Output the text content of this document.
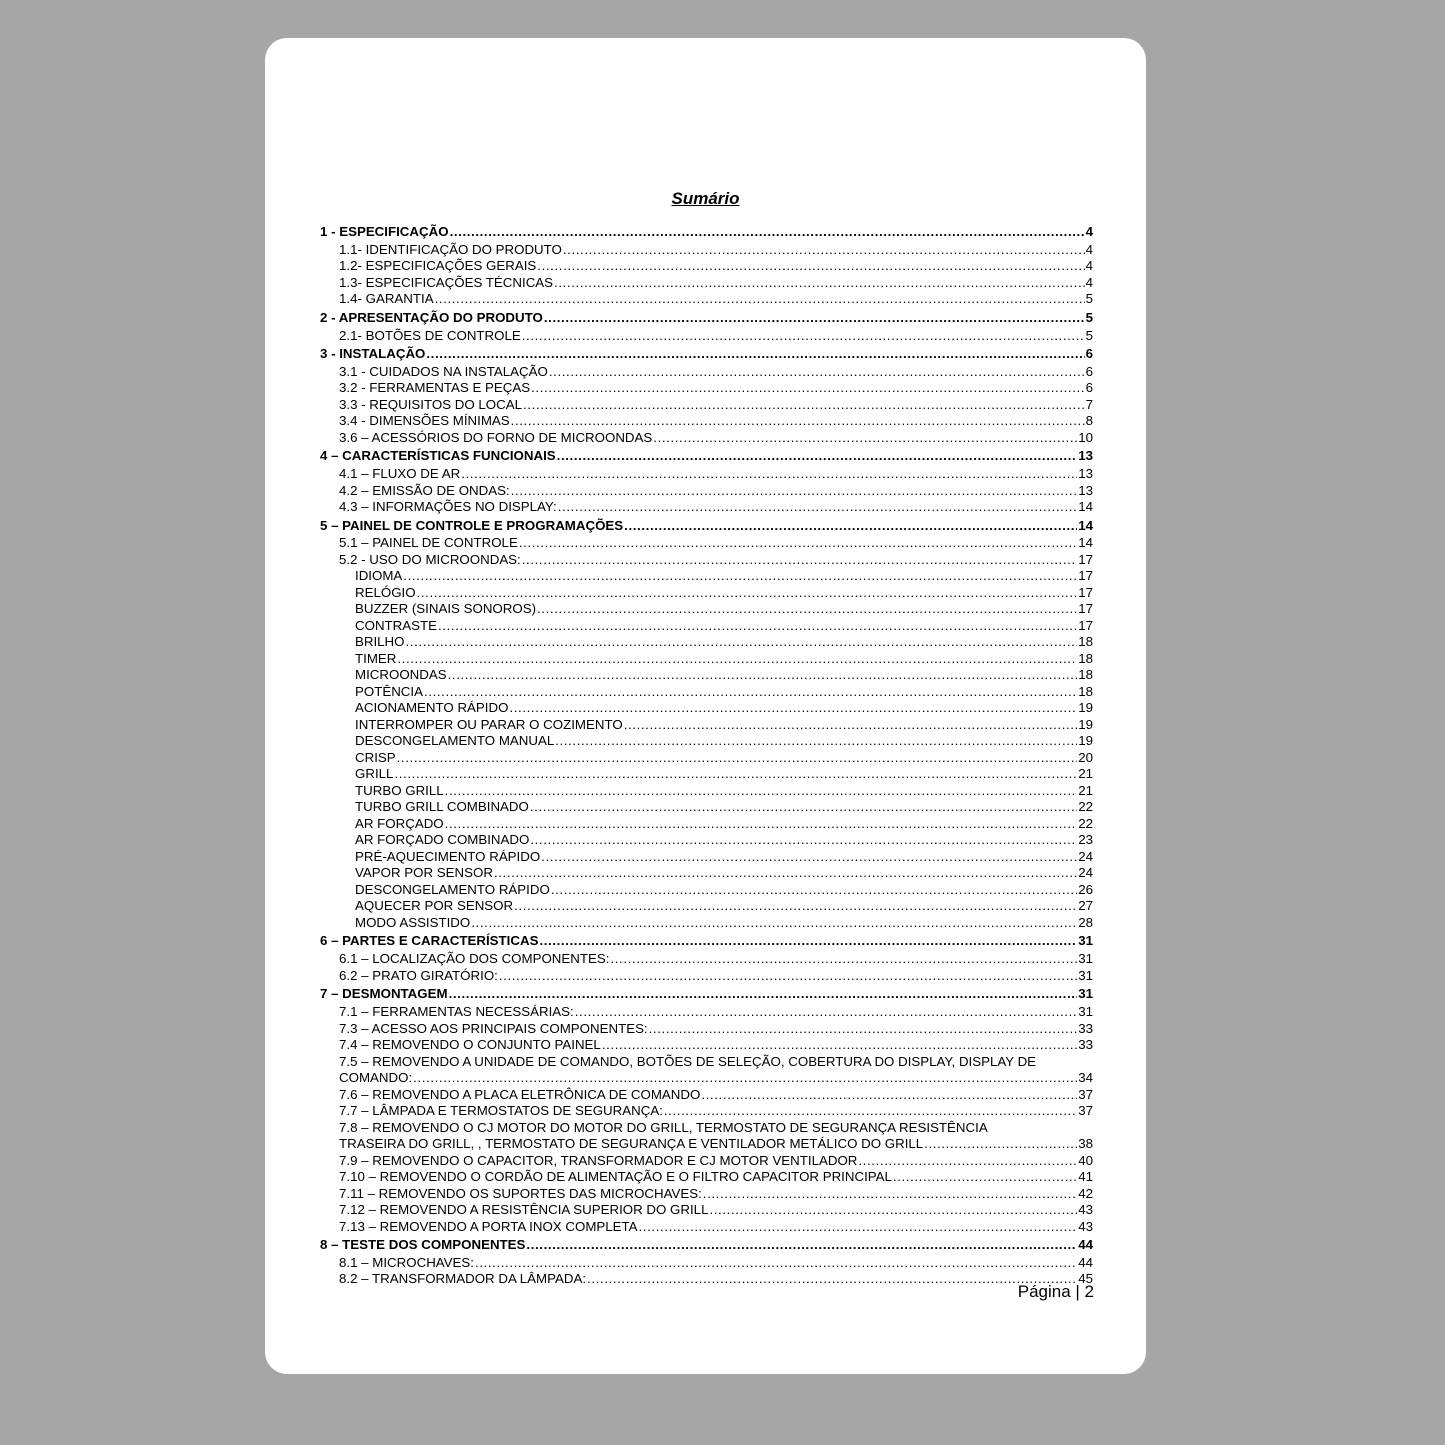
Sumário
1 - ESPECIFICAÇÃO .....	4
1.1- IDENTIFICAÇÃO DO PRODUTO .....	4
1.2- ESPECIFICAÇÕES GERAIS .....	4
1.3- ESPECIFICAÇÕES TÉCNICAS .....	4
1.4- GARANTIA .....	5
2 - APRESENTAÇÃO DO PRODUTO .....	5
2.1- BOTÕES DE CONTROLE .....	5
3 - INSTALAÇÃO .....	6
3.1 - CUIDADOS NA INSTALAÇÃO .....	6
3.2 - FERRAMENTAS E PEÇAS .....	6
3.3 - REQUISITOS DO LOCAL .....	7
3.4 - DIMENSÕES MÍNIMAS .....	8
3.6 – ACESSÓRIOS DO FORNO DE MICROONDAS .....	10
4 – CARACTERÍSTICAS FUNCIONAIS .....	13
4.1 – FLUXO DE AR .....	13
4.2 – EMISSÃO DE ONDAS: .....	13
4.3 – INFORMAÇÕES NO DISPLAY: .....	14
5 – PAINEL DE CONTROLE E PROGRAMAÇÕES .....	14
5.1 – PAINEL DE CONTROLE .....	14
5.2 - USO DO MICROONDAS: .....	17
IDIOMA .....	17
RELÓGIO .....	17
BUZZER (SINAIS SONOROS) .....	17
CONTRASTE .....	17
BRILHO .....	18
TIMER .....	18
MICROONDAS .....	18
POTÊNCIA .....	18
ACIONAMENTO RÁPIDO .....	19
INTERROMPER OU PARAR O COZIMENTO .....	19
DESCONGELAMENTO MANUAL .....	19
CRISP .....	20
GRILL .....	21
TURBO GRILL .....	21
TURBO GRILL COMBINADO .....	22
AR FORÇADO .....	22
AR FORÇADO COMBINADO .....	23
PRÉ-AQUECIMENTO RÁPIDO .....	24
VAPOR POR SENSOR .....	24
DESCONGELAMENTO RÁPIDO .....	26
AQUECER POR SENSOR .....	27
MODO ASSISTIDO .....	28
6 – PARTES E CARACTERÍSTICAS .....	31
6.1 – LOCALIZAÇÃO DOS COMPONENTES: .....	31
6.2 – PRATO GIRATÓRIO: .....	31
7 – DESMONTAGEM .....	31
7.1 – FERRAMENTAS NECESSÁRIAS: .....	31
7.3 – ACESSO AOS PRINCIPAIS COMPONENTES: .....	33
7.4 – REMOVENDO O CONJUNTO PAINEL .....	33
7.5 – REMOVENDO A UNIDADE DE COMANDO, BOTÕES DE SELEÇÃO, COBERTURA DO DISPLAY, DISPLAY DE
COMANDO: .....	34
7.6 – REMOVENDO A PLACA ELETRÔNICA DE COMANDO .....	37
7.7 – LÂMPADA E TERMOSTATOS DE SEGURANÇA: .....	37
7.8 – REMOVENDO O CJ MOTOR DO MOTOR DO GRILL, TERMOSTATO DE SEGURANÇA RESISTÊNCIA
TRASEIRA DO GRILL, , TERMOSTATO DE SEGURANÇA E VENTILADOR METÁLICO DO GRILL .....	38
7.9 – REMOVENDO O CAPACITOR, TRANSFORMADOR E CJ MOTOR VENTILADOR .....	40
7.10 – REMOVENDO O CORDÃO DE ALIMENTAÇÃO E O FILTRO CAPACITOR PRINCIPAL .....	41
7.11 – REMOVENDO OS SUPORTES DAS MICROCHAVES: .....	42
7.12 – REMOVENDO A RESISTÊNCIA SUPERIOR DO GRILL .....	43
7.13 – REMOVENDO A PORTA INOX COMPLETA .....	43
8 – TESTE DOS COMPONENTES .....	44
8.1 – MICROCHAVES: .....	44
8.2 – TRANSFORMADOR DA LÂMPADA: .....	45
Página | 2
